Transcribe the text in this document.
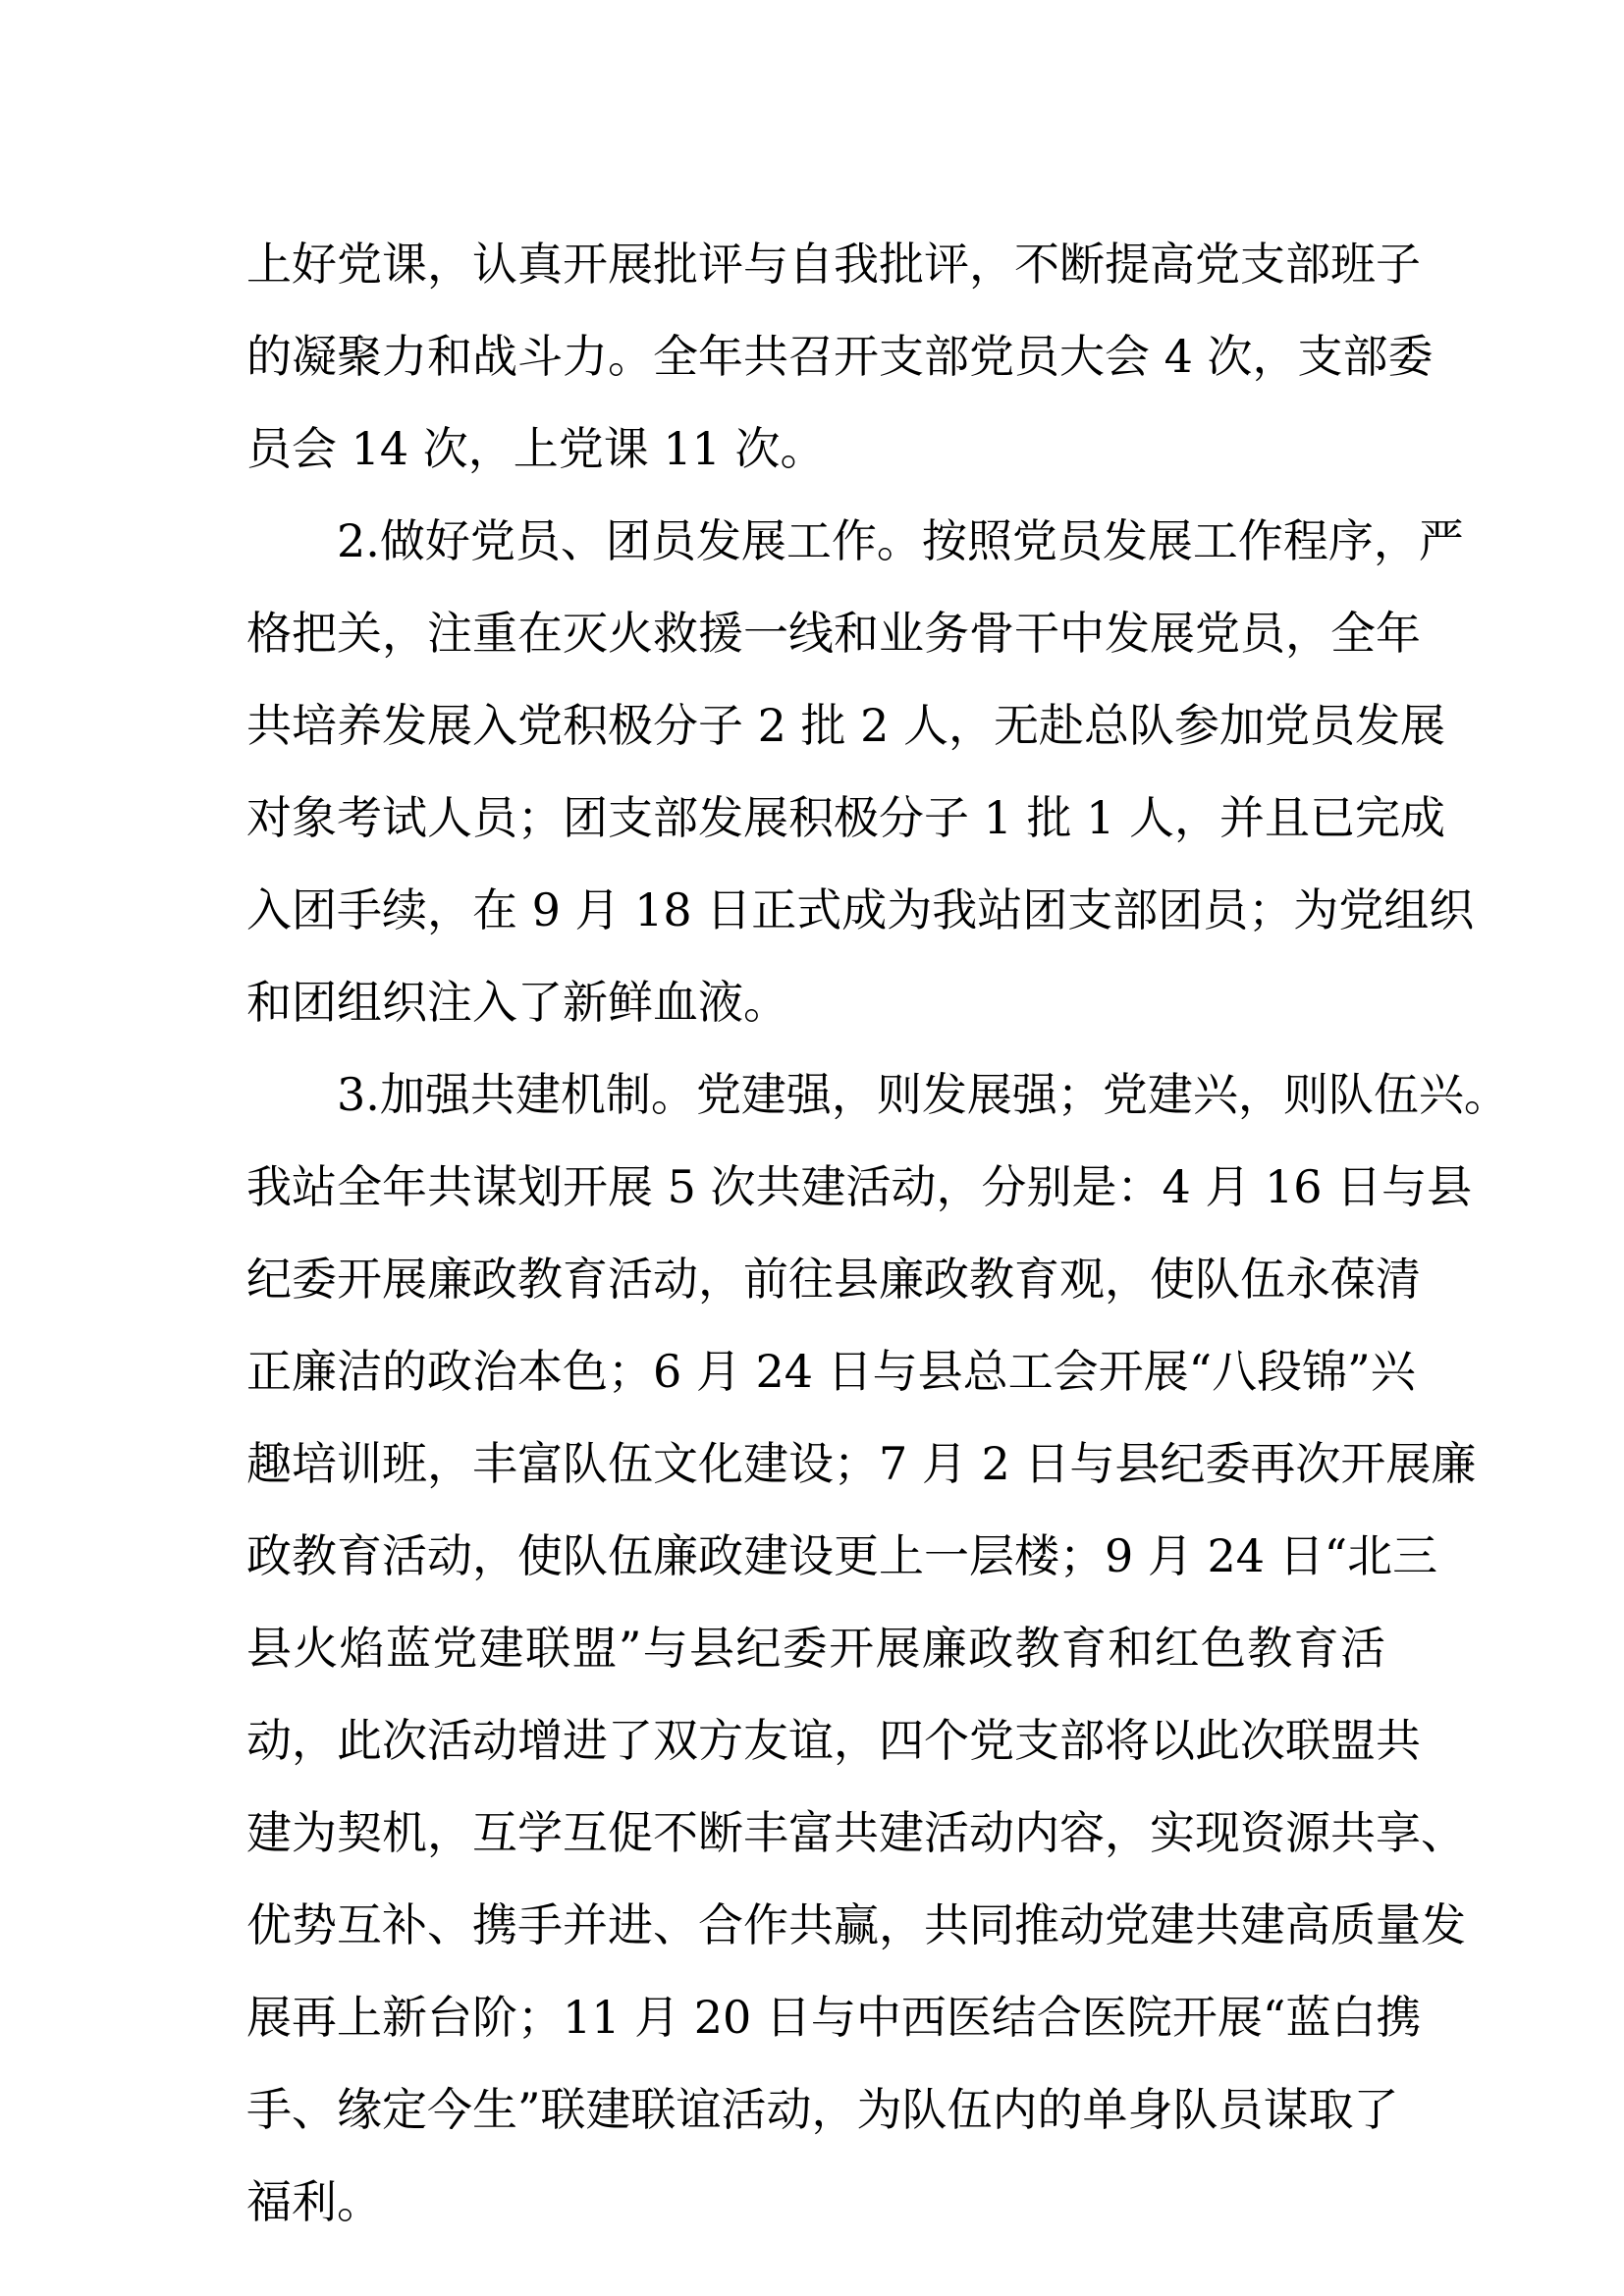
上好党课，认真开展批评与自我批评，不断提高党支部班子
的凝聚力和战斗力。全年共召开支部党员大会 4 次，支部委
员会 14 次，上党课 11 次。
2.做好党员、团员发展工作。按照党员发展工作程序，严
格把关，注重在灭火救援一线和业务骨干中发展党员，全年
共培养发展入党积极分子 2 批 2 人，无赴总队参加党员发展
对象考试人员；团支部发展积极分子 1 批 1 人，并且已完成
入团手续，在 9 月 18 日正式成为我站团支部团员；为党组织
和团组织注入了新鲜血液。
3.加强共建机制。党建强，则发展强；党建兴，则队伍兴。
我站全年共谋划开展 5 次共建活动，分别是：4 月 16 日与县
纪委开展廉政教育活动，前往县廉政教育观，使队伍永葆清
正廉洁的政治本色；6 月 24 日与县总工会开展“八段锦”兴
趣培训班，丰富队伍文化建设；7 月 2 日与县纪委再次开展廉
政教育活动，使队伍廉政建设更上一层楼；9 月 24 日“北三
县火焰蓝党建联盟”与县纪委开展廉政教育和红色教育活
动，此次活动增进了双方友谊，四个党支部将以此次联盟共
建为契机，互学互促不断丰富共建活动内容，实现资源共享、
优势互补、携手并进、合作共赢，共同推动党建共建高质量发
展再上新台阶；11 月 20 日与中西医结合医院开展“蓝白携
手、缘定今生”联建联谊活动，为队伍内的单身队员谋取了
福利。
